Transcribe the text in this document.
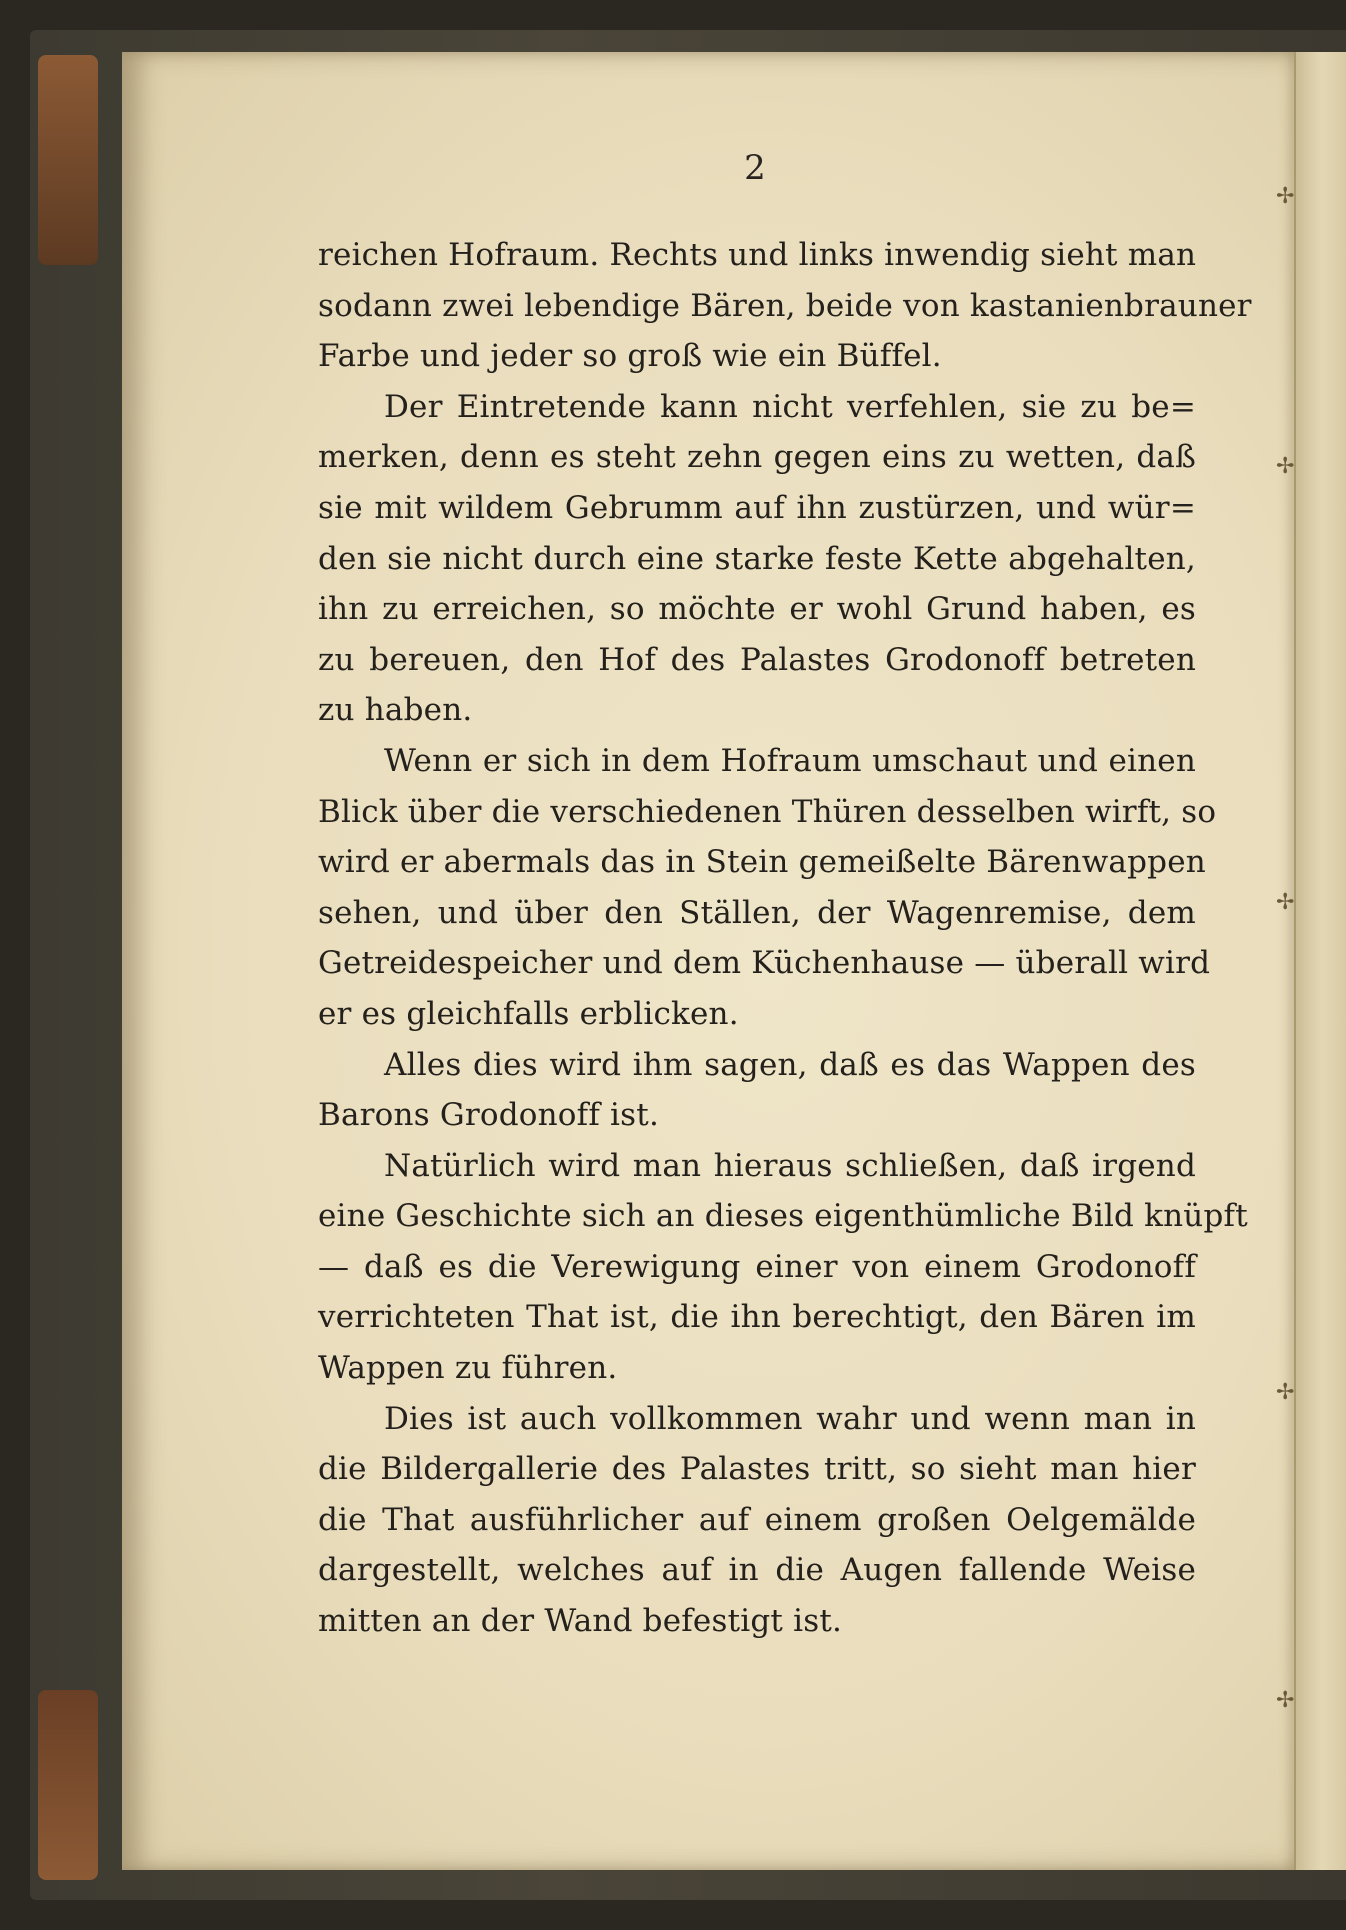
✢
✢
✢
✢
✢
2
reichen Hofraum. Rechts und links inwendig sieht man
sodann zwei lebendige Bären, beide von kastanienbrauner
Farbe und jeder so groß wie ein Büffel.
Der Eintretende kann nicht verfehlen, sie zu be=
merken, denn es steht zehn gegen eins zu wetten, daß
sie mit wildem Gebrumm auf ihn zustürzen, und wür=
den sie nicht durch eine starke feste Kette abgehalten,
ihn zu erreichen, so möchte er wohl Grund haben, es
zu bereuen, den Hof des Palastes Grodonoff betreten
zu haben.
Wenn er sich in dem Hofraum umschaut und einen
Blick über die verschiedenen Thüren desselben wirft, so
wird er abermals das in Stein gemeißelte Bärenwappen
sehen, und über den Ställen, der Wagenremise, dem
Getreidespeicher und dem Küchenhause — überall wird
er es gleichfalls erblicken.
Alles dies wird ihm sagen, daß es das Wappen des
Barons Grodonoff ist.
Natürlich wird man hieraus schließen, daß irgend
eine Geschichte sich an dieses eigenthümliche Bild knüpft
— daß es die Verewigung einer von einem Grodonoff
verrichteten That ist, die ihn berechtigt, den Bären im
Wappen zu führen.
Dies ist auch vollkommen wahr und wenn man in
die Bildergallerie des Palastes tritt, so sieht man hier
die That ausführlicher auf einem großen Oelgemälde
dargestellt, welches auf in die Augen fallende Weise
mitten an der Wand befestigt ist.
